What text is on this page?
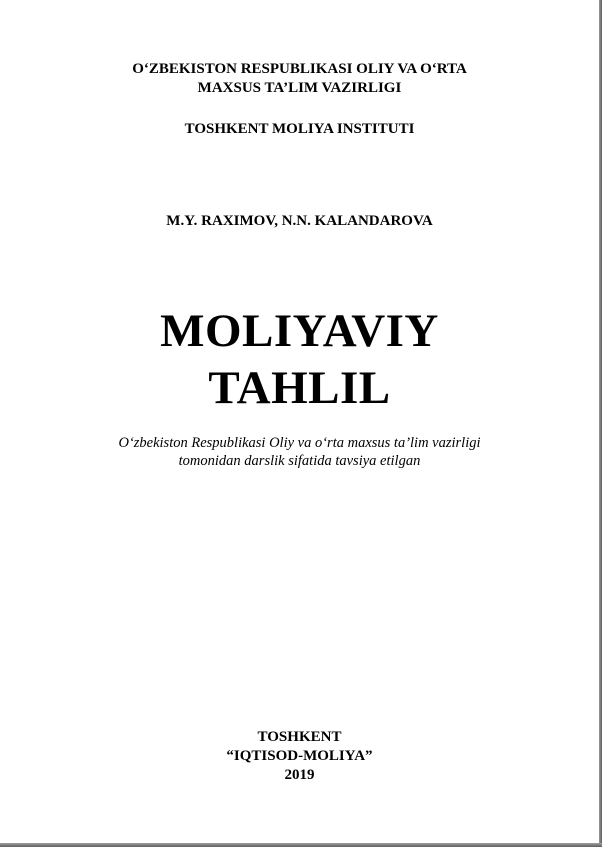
O‘ZBEKISTON RESPUBLIKASI OLIY VA O‘RTA
MAXSUS TA’LIM VAZIRLIGI
TOSHKENT MOLIYA INSTITUTI
M.Y. RAXIMOV, N.N. KALANDAROVA
MOLIYAVIY
TAHLIL
O‘zbekiston Respublikasi Oliy va o‘rta maxsus ta’lim vazirligi
tomonidan darslik sifatida tavsiya etilgan
TOSHKENT
“IQTISOD-MOLIYA”
2019
